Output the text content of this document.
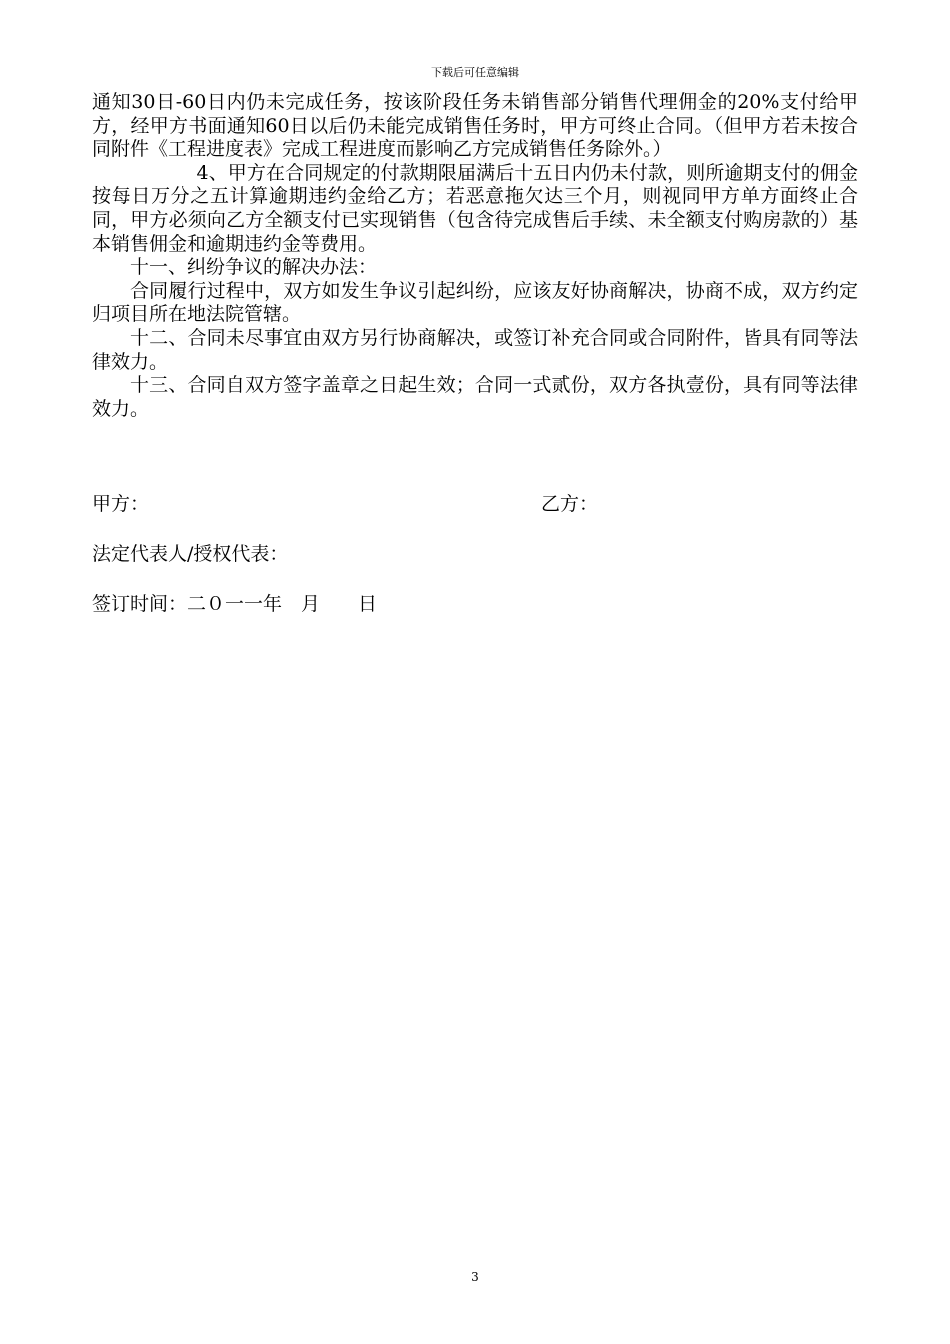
下载后可任意编辑

通知30日-60日内仍未完成任务，按该阶段任务未销售部分销售代理佣金的20%支付给甲方，经甲方书面通知60日以后仍未能完成销售任务时，甲方可终止合同。（但甲方若未按合同附件《工程进度表》完成工程进度而影响乙方完成销售任务除外。）

4、甲方在合同规定的付款期限届满后十五日内仍未付款，则所逾期支付的佣金按每日万分之五计算逾期违约金给乙方；若恶意拖欠达三个月，则视同甲方单方面终止合同，甲方必须向乙方全额支付已实现销售（包含待完成售后手续、未全额支付购房款的）基本销售佣金和逾期违约金等费用。

十一、纠纷争议的解决办法：

合同履行过程中，双方如发生争议引起纠纷，应该友好协商解决，协商不成，双方约定归项目所在地法院管辖。

十二、合同未尽事宜由双方另行协商解决，或签订补充合同或合同附件，皆具有同等法律效力。

十三、合同自双方签字盖章之日起生效；合同一式贰份，双方各执壹份，具有同等法律效力。

甲方：	乙方：
法定代表人/授权代表：
签订时间：二０一一年　月　　日
3
